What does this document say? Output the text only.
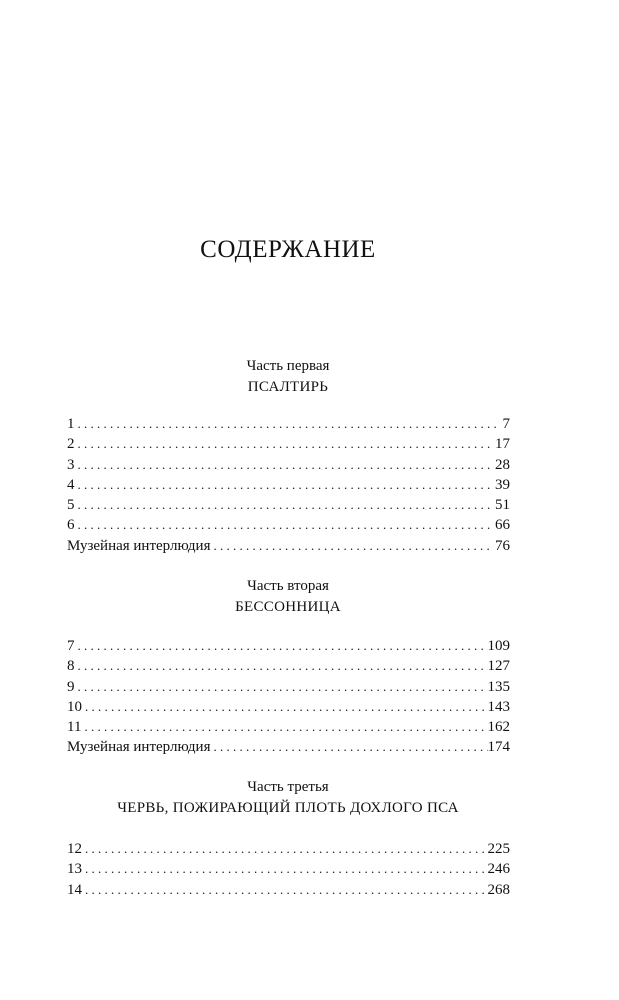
СОДЕРЖАНИЕ
Часть первая
ПСАЛТИРЬ
1 . . .	7
2 . . .	17
3 . . .	28
4 . . .	39
5 . . .	51
6 . . .	66
Музейная интерлюдия . . .	76
Часть вторая
БЕССОННИЦА
7 . . .	109
8 . . .	127
9 . . .	135
10 . . .	143
11 . . .	162
Музейная интерлюдия . . .	174
Часть третья
ЧЕРВЬ, ПОЖИРАЮЩИЙ ПЛОТЬ ДОХЛОГО ПСА
12 . . .	225
13 . . .	246
14 . . .	268
